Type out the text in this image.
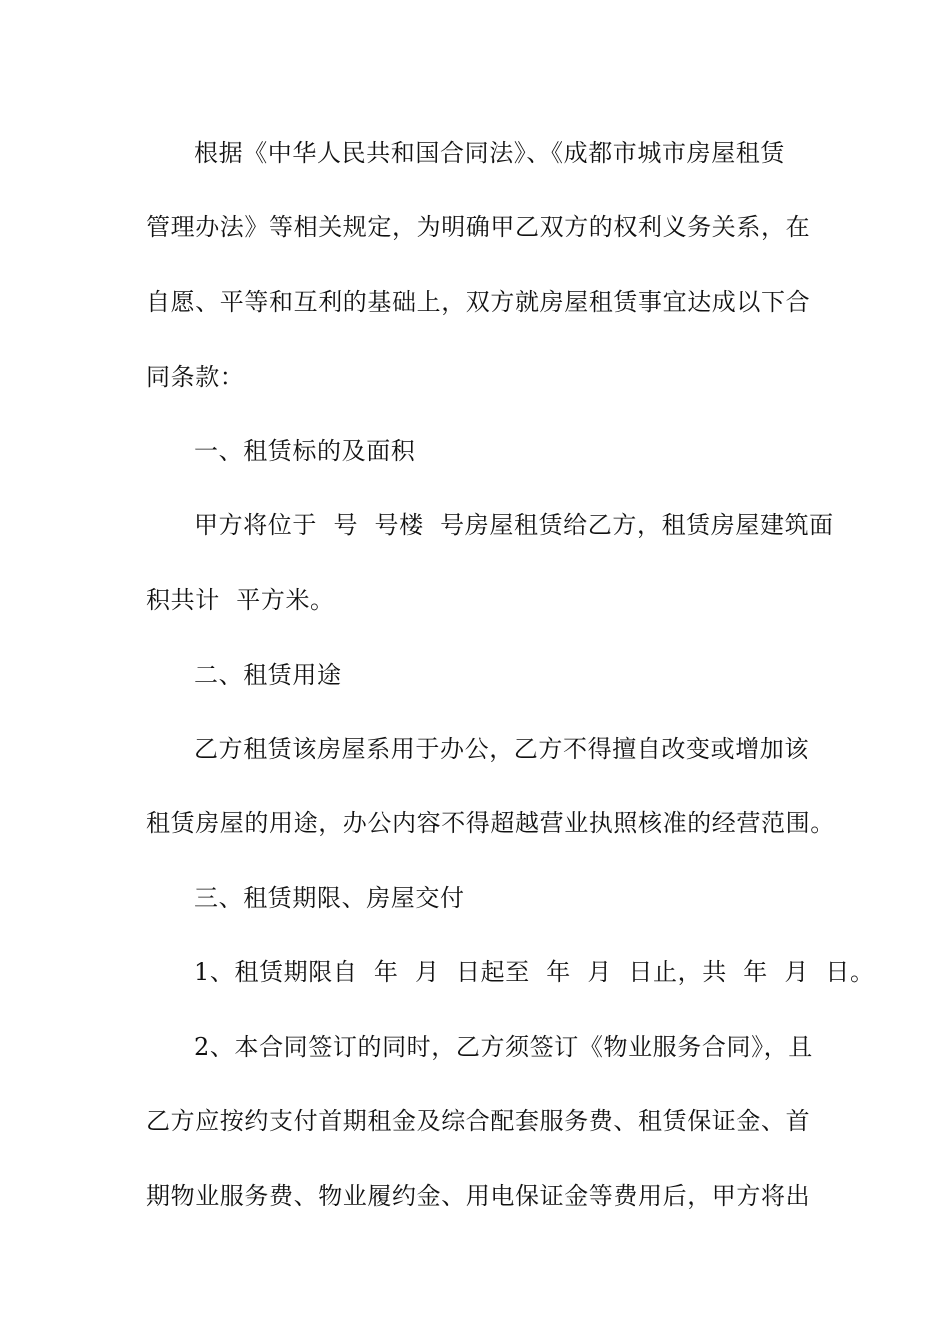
根据《中华人民共和国合同法》、《成都市城市房屋租赁
管理办法》等相关规定，为明确甲乙双方的权利义务关系，在
自愿、平等和互利的基础上，双方就房屋租赁事宜达成以下合
同条款：
一、租赁标的及面积
甲方将位于  号  号楼  号房屋租赁给乙方，租赁房屋建筑面
积共计  平方米。
二、租赁用途
乙方租赁该房屋系用于办公，乙方不得擅自改变或增加该
租赁房屋的用途，办公内容不得超越营业执照核准的经营范围。
三、租赁期限、房屋交付
1、租赁期限自  年  月  日起至  年  月  日止，共  年  月  日。
2、本合同签订的同时，乙方须签订《物业服务合同》，且
乙方应按约支付首期租金及综合配套服务费、租赁保证金、首
期物业服务费、物业履约金、用电保证金等费用后，甲方将出
